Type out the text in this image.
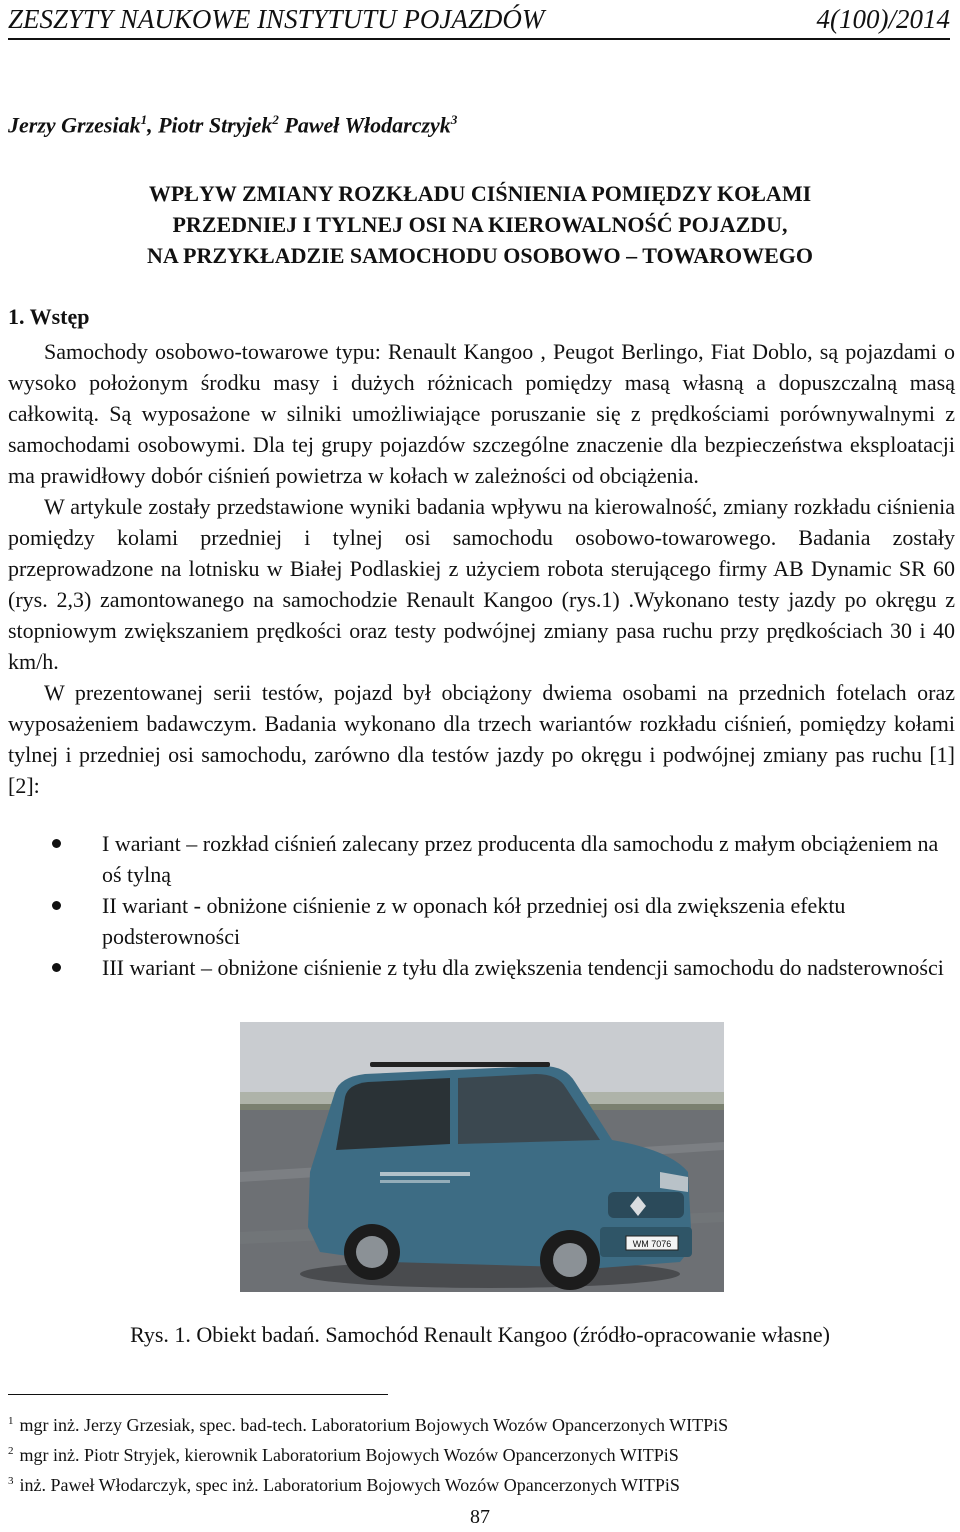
ZESZYTY NAUKOWE INSTYTUTU POJAZDÓW	4(100)/2014
Jerzy Grzesiak$^1$, Piotr Stryjek$^2$ Paweł Włodarczyk$^3$
WPŁYW ZMIANY ROZKŁADU CIŚNIENIA POMIĘDZY KOŁAMI
PRZEDNIEJ I TYLNEJ OSI NA KIEROWALNOŚĆ POJAZDU,
NA PRZYKŁADZIE SAMOCHODU OSOBOWO – TOWAROWEGO
1. Wstęp

Samochody osobowo-towarowe typu: Renault Kangoo , Peugot Berlingo, Fiat Doblo, są pojazdami o wysoko położonym środku masy i dużych różnicach pomiędzy masą własną a dopuszczalną masą całkowitą. Są wyposażone w silniki umożliwiające poruszanie się z prędkościami porównywalnymi z samochodami osobowymi. Dla tej grupy pojazdów szczególne znaczenie dla bezpieczeństwa eksploatacji ma prawidłowy dobór ciśnień powietrza w kołach w zależności od obciążenia.

W artykule zostały przedstawione wyniki badania wpływu na kierowalność, zmiany rozkładu ciśnienia pomiędzy kolami przedniej i tylnej osi samochodu osobowo-towarowego. Badania zostały przeprowadzone na lotnisku w Białej Podlaskiej z użyciem robota sterującego firmy AB Dynamic SR 60 (rys. 2,3) zamontowanego na samochodzie Renault Kangoo (rys.1) .Wykonano testy jazdy po okręgu z stopniowym zwiększaniem prędkości oraz testy podwójnej zmiany pasa ruchu przy prędkościach 30 i 40 km/h.

W prezentowanej serii testów, pojazd był obciążony dwiema osobami na przednich fotelach oraz wyposażeniem badawczym. Badania wykonano dla trzech wariantów rozkładu ciśnień, pomiędzy kołami tylnej i przedniej osi samochodu, zarówno dla testów jazdy po okręgu i podwójnej zmiany pas ruchu [1][2]:

I wariant – rozkład ciśnień zalecany przez producenta dla samochodu z małym obciążeniem na oś tylną
II wariant - obniżone ciśnienie z w oponach kół przedniej osi dla zwiększenia efektu podsterowności
III wariant – obniżone ciśnienie z tyłu dla zwiększenia tendencji samochodu do nadsterowności
WM 7076
Rys. 1. Obiekt badań. Samochód Renault Kangoo (źródło-opracowanie własne)
$^1$ mgr inż. Jerzy Grzesiak, spec. bad-tech. Laboratorium Bojowych Wozów Opancerzonych WITPiS
$^2$ mgr inż. Piotr Stryjek, kierownik Laboratorium Bojowych Wozów Opancerzonych WITPiS
$^3$ inż. Paweł Włodarczyk, spec inż. Laboratorium Bojowych Wozów Opancerzonych WITPiS
87
